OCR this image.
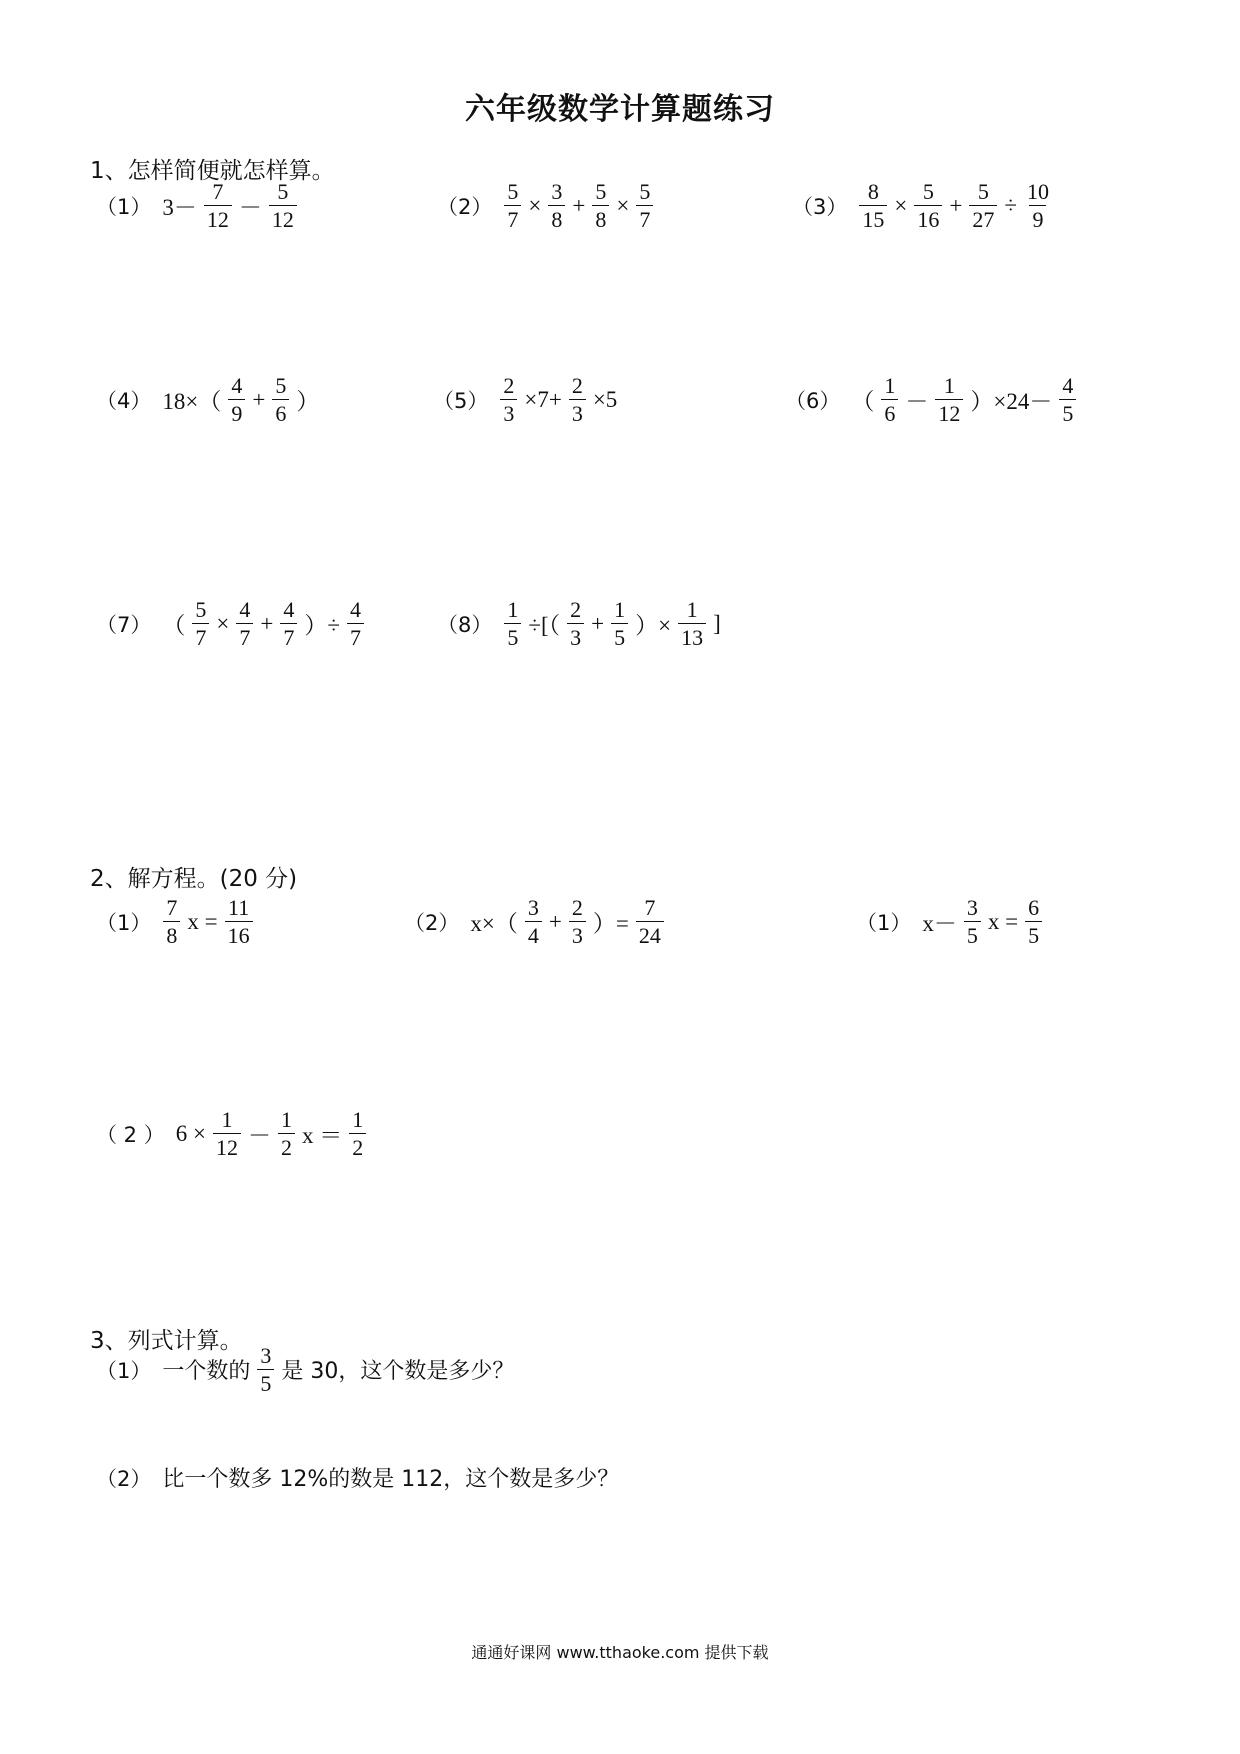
六年级数学计算题练习
1、怎样简便就怎样算。
（1） $3- \frac{7}{12} - \frac{5}{12}$	$(2) \frac{5}{7} \times \frac{3}{8} + \frac{5}{8} \times \frac{5}{7}$	$(3) \frac{8}{15} \times \frac{5}{16} + \frac{5}{27} \div \frac{10}{9}$
（4） $18\times( \frac{4}{9} + \frac{5}{6}$ ）	$(5) \frac{2}{3} \times 7+ \frac{2}{3} \times 5$	（6） （ $\frac{1}{6} - \frac{1}{12} )\times 24- \frac{4}{5}$
（7） （ $\frac{5}{7} \times \frac{4}{7} + \frac{4}{7}$ ）÷ $\frac{4}{7}$	$(8) \frac{1}{5}$ ÷[（ $\frac{2}{3} + \frac{1}{5}$ ）× $\frac{1}{13}$ ]
2、解方程。(20 分)
$(1) \frac{7}{8}$ $x = \frac{11}{16}$	（2） $x\times( \frac{3}{4} + \frac{2}{3}$ ）= $\frac{7}{24}$	（1） $x- \frac{3}{5}$ $x = \frac{6}{5}$
（ 2 ） $6 \times \frac{1}{12} - \frac{1}{2}$ $x = \frac{1}{2}$
3、列式计算。
（1） 一个数的 $\frac{3}{5}$ 是 30，这个数是多少？
（2） 比一个数多 12%的数是 112，这个数是多少？
通通好课网 www.tthaoke.com 提供下载
